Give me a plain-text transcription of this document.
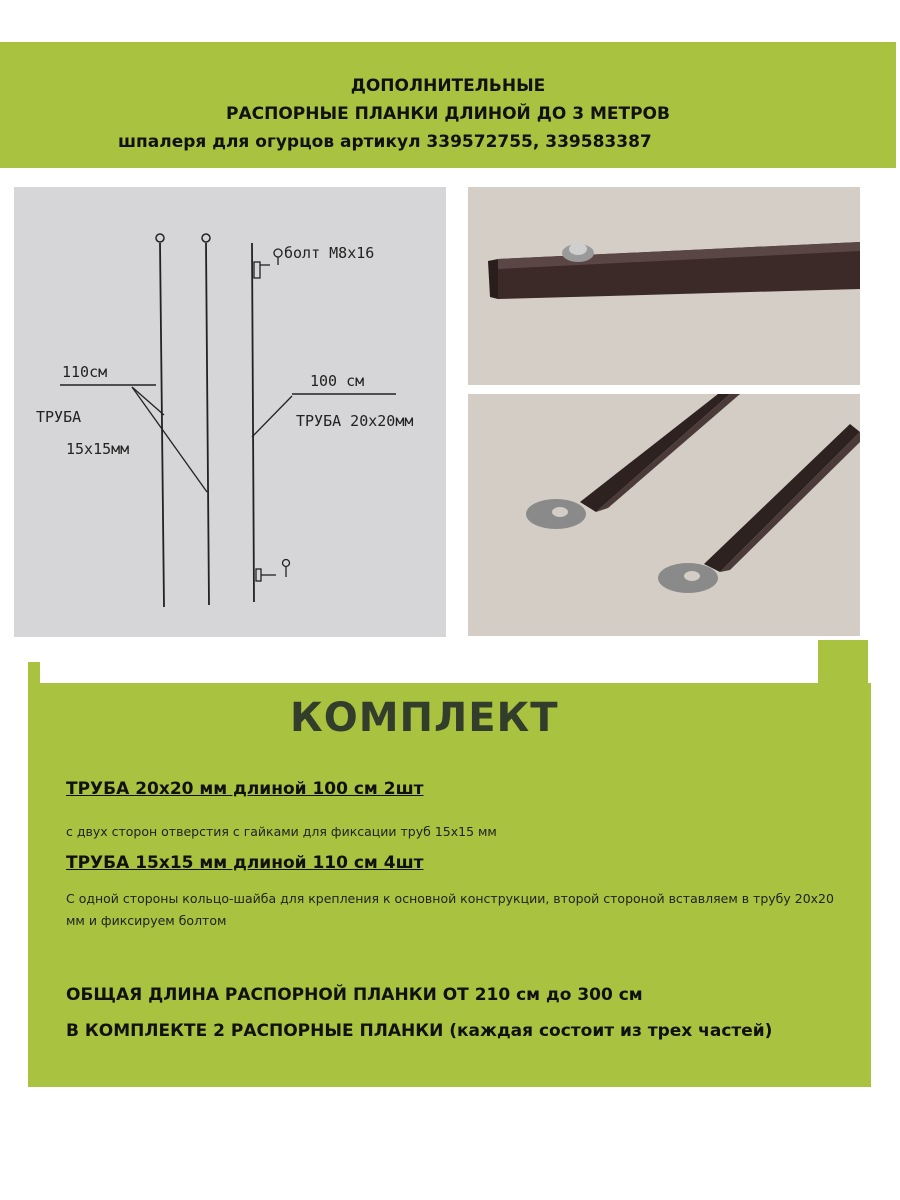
ДОПОЛНИТЕЛЬНЫЕ
РАСПОРНЫЕ ПЛАНКИ ДЛИНОЙ ДО 3 МЕТРОВ
шпалеря для огурцов артикул 339572755, 339583387
болт M8x16
110см
ТРУБА
15x15мм
100 см
ТРУБА 20x20мм
КОМПЛЕКТ
ТРУБА 20х20 мм длиной 100 см 2шт
с двух сторон отверстия с гайками для фиксации труб 15х15 мм
ТРУБА 15х15 мм длиной 110 см 4шт
С одной стороны кольцо-шайба для крепления к основной конструкции, второй стороной вставляем в трубу 20х20 мм и фиксируем болтом
ОБЩАЯ ДЛИНА РАСПОРНОЙ ПЛАНКИ ОТ 210 см до 300 см
В КОМПЛЕКТЕ 2 РАСПОРНЫЕ ПЛАНКИ (каждая состоит из трех частей)
